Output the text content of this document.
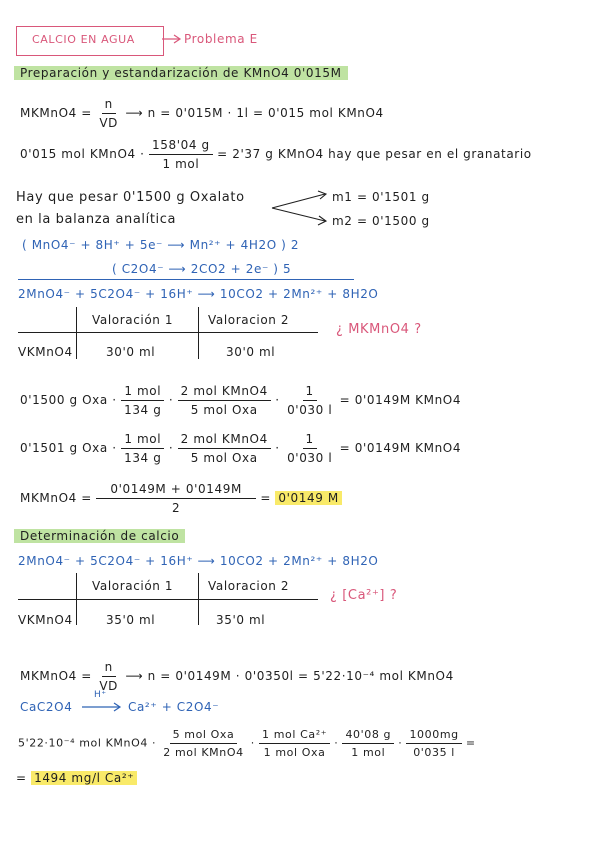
CALCIO EN AGUA	Problema E
Preparación y estandarización de KMnO4 0'015M
MKMnO4 = $\frac{n}{VD}$ ⟶ n = 0'015M · 1l = 0'015 mol KMnO4
0'015 mol KMnO4 · $\frac{158'04 g}{\text{1 mol}} = 2'37$ g KMnO4 hay que pesar en el granatario
Hay que pesar 0'1500 g Oxalato
en la balanza analítica
m1 = 0'1501 g
m2 = 0'1500 g
( MnO4⁻ + 8H⁺ + 5e⁻ ⟶ Mn²⁺ + 4H2O ) 2
( C2O4⁻ ⟶ 2CO2 + 2e⁻ ) 5
2MnO4⁻ + 5C2O4⁻ + 16H⁺ ⟶ 10CO2 + 2Mn²⁺ + 8H2O
Valoración 1	Valoracion 2
VKMnO4	30'0 ml	30'0 ml
¿ MKMnO4 ?
0'1500 g Oxa · $\frac{\text{1 mol}}{134 g} \cdot \frac{\text{2 mol KMnO4}}{\text{5 mol Oxa}} \cdot \frac{1}{0'030 l} = 0'0149M$ KMnO4
0'1501 g Oxa · $\frac{\text{1 mol}}{134 g} \cdot \frac{\text{2 mol KMnO4}}{\text{5 mol Oxa}} \cdot \frac{1}{0'030 l} = 0'0149M$ KMnO4
MKMnO4 = $\frac{0'0149M + 0'0149M}{2} = 0'0149$ M
Determinación de calcio
2MnO4⁻ + 5C2O4⁻ + 16H⁺ ⟶ 10CO2 + 2Mn²⁺ + 8H2O
Valoración 1	Valoracion 2
VKMnO4	35'0 ml	35'0 ml
¿ [Ca²⁺] ?
MKMnO4 = $\frac{n}{VD}$ ⟶ n = 0'0149M · 0'0350l = 5'22·10⁻⁴ mol KMnO4
CaC2O4
H⁺
→ Ca²⁺ + C2O4⁻
5'22·10⁻⁴ mol KMnO4 · $\frac{\text{5 mol Oxa}}{\text{2 mol KMnO4}} \cdot \frac{\text{1 mol Ca²⁺}}{\text{1 mol Oxa}} \cdot \frac{40'08 g}{\text{1 mol}} \cdot \frac{1000mg}{0'035 l}$ =
= 1494 mg/l Ca²⁺
